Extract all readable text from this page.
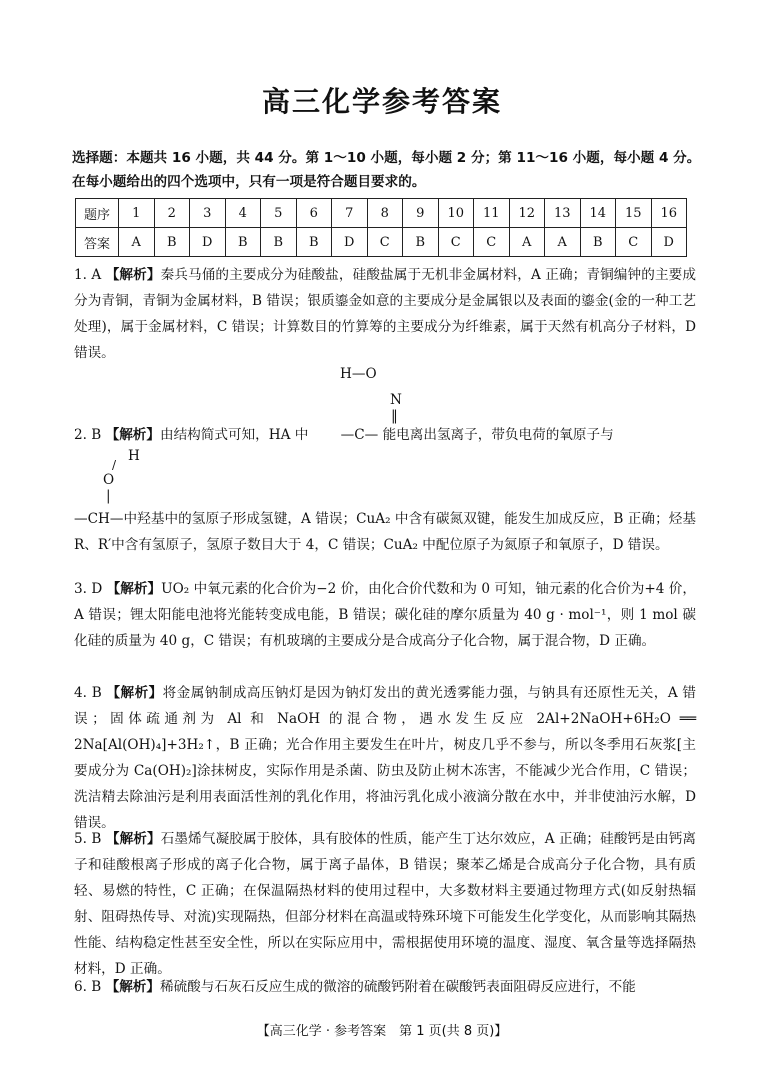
高三化学参考答案
选择题：本题共 16 小题，共 44 分。第 1～10 小题，每小题 2 分；第 11～16 小题，每小题 4 分。在每小题给出的四个选项中，只有一项是符合题目要求的。
题序	1	2	3	4	5	6	7	8	9	10	11	12	13	14	15	16
答案	A	B	D	B	B	B	D	C	B	C	C	A	A	B	C	D
1. A 【解析】秦兵马俑的主要成分为硅酸盐，硅酸盐属于无机非金属材料，A 正确；青铜编钟的主要成分为青铜，青铜为金属材料，B 错误；银质鎏金如意的主要成分是金属银以及表面的鎏金(金的一种工艺处理)，属于金属材料，C 错误；计算数目的竹算筹的主要成分为纤维素，属于天然有机高分子材料，D 错误。
H—O
N
‖
2. B 【解析】由结构简式可知，HA 中 —C— 能电离出氢离子，带负电荷的氧原子与
H
/
O
|
—CH—中羟基中的氢原子形成氢键，A 错误；CuA₂ 中含有碳氮双键，能发生加成反应，B 正确；烃基 R、R′中含有氢原子，氢原子数目大于 4，C 错误；CuA₂ 中配位原子为氮原子和氧原子，D 错误。
3. D 【解析】UO₂ 中氧元素的化合价为−2 价，由化合价代数和为 0 可知，铀元素的化合价为+4 价，A 错误；锂太阳能电池将光能转变成电能，B 错误；碳化硅的摩尔质量为 40 g · mol⁻¹，则 1 mol 碳化硅的质量为 40 g，C 错误；有机玻璃的主要成分是合成高分子化合物，属于混合物，D 正确。
4. B 【解析】将金属钠制成高压钠灯是因为钠灯发出的黄光透雾能力强，与钠具有还原性无关，A 错误；固体疏通剂为 Al 和 NaOH 的混合物，遇水发生反应 2Al+2NaOH+6H₂O ══ 2Na[Al(OH)₄]+3H₂↑，B 正确；光合作用主要发生在叶片，树皮几乎不参与，所以冬季用石灰浆[主要成分为 Ca(OH)₂]涂抹树皮，实际作用是杀菌、防虫及防止树木冻害，不能减少光合作用，C 错误；洗洁精去除油污是利用表面活性剂的乳化作用，将油污乳化成小液滴分散在水中，并非使油污水解，D 错误。
5. B 【解析】石墨烯气凝胶属于胶体，具有胶体的性质，能产生丁达尔效应，A 正确；硅酸钙是由钙离子和硅酸根离子形成的离子化合物，属于离子晶体，B 错误；聚苯乙烯是合成高分子化合物，具有质轻、易燃的特性，C 正确；在保温隔热材料的使用过程中，大多数材料主要通过物理方式(如反射热辐射、阻碍热传导、对流)实现隔热，但部分材料在高温或特殊环境下可能发生化学变化，从而影响其隔热性能、结构稳定性甚至安全性，所以在实际应用中，需根据使用环境的温度、湿度、氧含量等选择隔热材料，D 正确。
6. B 【解析】稀硫酸与石灰石反应生成的微溶的硫酸钙附着在碳酸钙表面阻碍反应进行，不能
【高三化学 · 参考答案　第 1 页(共 8 页)】
